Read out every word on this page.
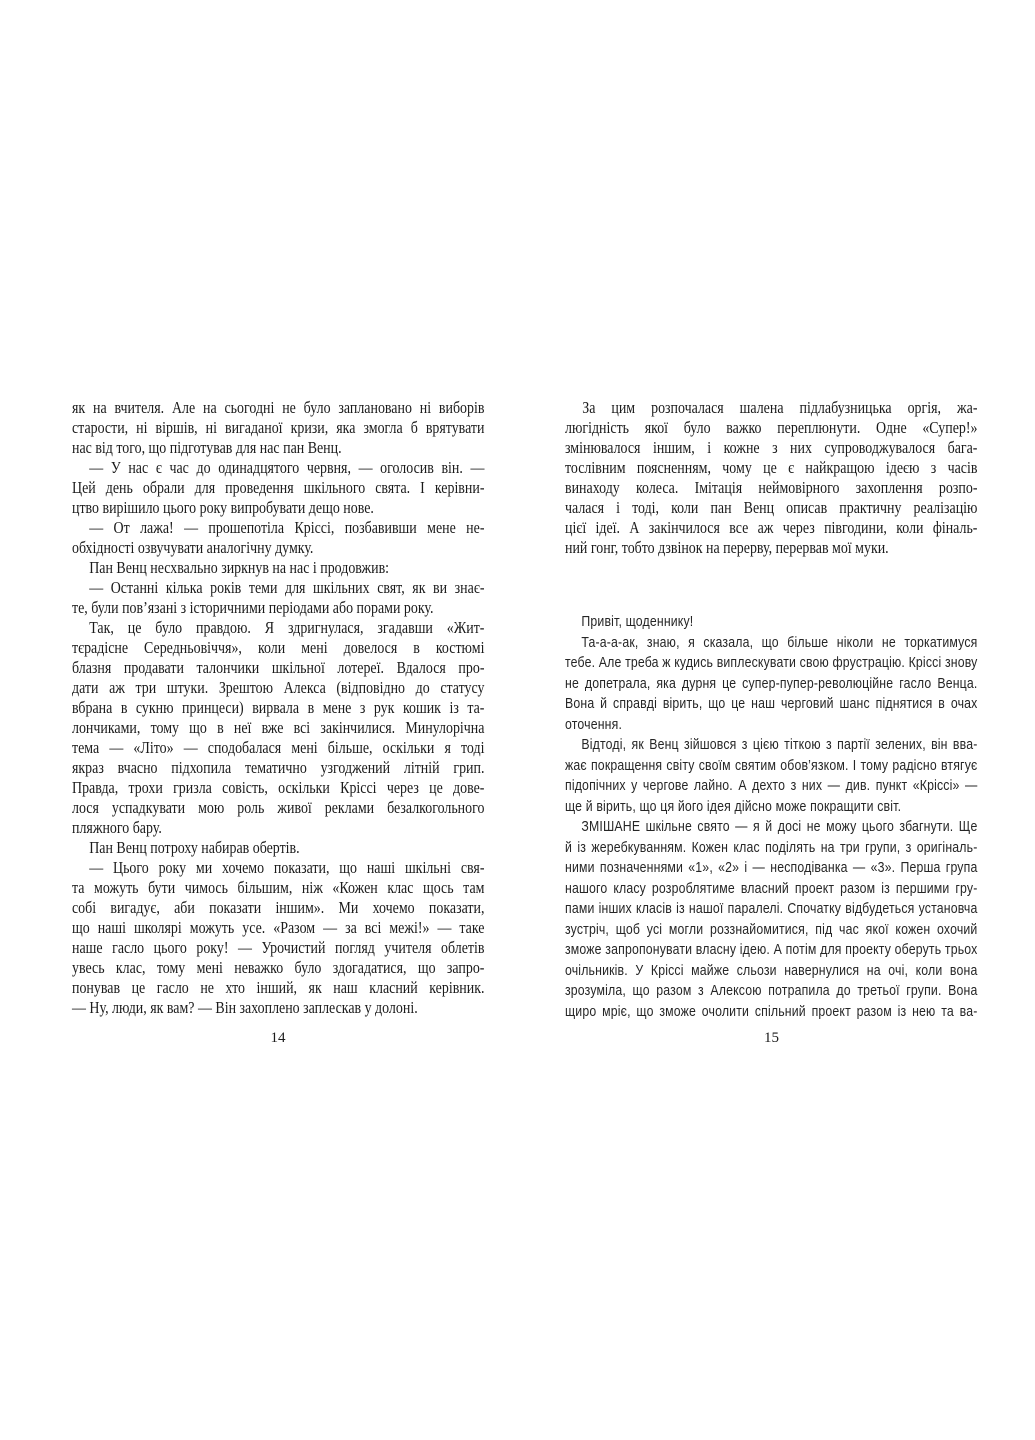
як на вчителя. Але на сьогодні не було заплановано ні виборів
старости, ні віршів, ні вигаданої кризи, яка змогла б врятувати
нас від того, що підготував для нас пан Венц.
— У нас є час до одинадцятого червня, — оголосив він. —
Цей день обрали для проведення шкільного свята. І керівни-
цтво вирішило цього року випробувати дещо нове.
— От лажа! — прошепотіла Кріссі, позбавивши мене не-
обхідності озвучувати аналогічну думку.
Пан Венц несхвально зиркнув на нас і продовжив:
— Останні кілька років теми для шкільних свят, як ви знає-
те, були пов’язані з історичними періодами або порами року.
Так, це було правдою. Я здригнулася, згадавши «Жит-
тєрадісне Середньовіччя», коли мені довелося в костюмі
блазня продавати талончики шкільної лотереї. Вдалося про-
дати аж три штуки. Зрештою Алекса (відповідно до статусу
вбрана в сукню принцеси) вирвала в мене з рук кошик із та-
лончиками, тому що в неї вже всі закінчилися. Минулорічна
тема — «Літо» — сподобалася мені більше, оскільки я тоді
якраз вчасно підхопила тематично узгоджений літній грип.
Правда, трохи гризла совість, оскільки Кріссі через це дове-
лося успадкувати мою роль живої реклами безалкогольного
пляжного бару.
Пан Венц потроху набирав обертів.
— Цього року ми хочемо показати, що наші шкільні свя-
та можуть бути чимось більшим, ніж «Кожен клас щось там
собі вигадує, аби показати іншим». Ми хочемо показати,
що наші школярі можуть усе. «Разом — за всі межі!» — таке
наше гасло цього року! — Урочистий погляд учителя облетів
увесь клас, тому мені неважко було здогадатися, що запро-
понував це гасло не хто інший, як наш класний керівник.
— Ну, люди, як вам? — Він захоплено заплескав у долоні.
За цим розпочалася шалена підлабузницька оргія, жа-
люгідність якої було важко переплюнути. Одне «Супер!»
змінювалося іншим, і кожне з них супроводжувалося бага-
тослівним поясненням, чому це є найкращою ідеєю з часів
винаходу колеса. Імітація неймовірного захоплення розпо-
чалася і тоді, коли пан Венц описав практичну реалізацію
цієї ідеї. А закінчилося все аж через півгодини, коли фіналь-
ний гонг, тобто дзвінок на перерву, перервав мої муки.
Привіт, щоденнику!
Та-а-а-ак, знаю, я сказала, що більше ніколи не торкатимуся
тебе. Але треба ж кудись виплескувати свою фрустрацію. Кріссі знову
не допетрала, яка дурня це супер-пупер-революційне гасло Венца.
Вона й справді вірить, що це наш черговий шанс піднятися в очах
оточення.
Відтоді, як Венц зійшовся з цією тіткою з партії зелених, він вва-
жає покращення світу своїм святим обов’язком. І тому радісно втягує
підопічних у чергове лайно. А дехто з них — див. пункт «Кріссі» —
ще й вірить, що ця його ідея дійсно може покращити світ.
ЗМІШАНЕ шкільне свято — я й досі не можу цього збагнути. Ще
й із жеребкуванням. Кожен клас поділять на три групи, з оригіналь-
ними позначеннями «1», «2» і — несподіванка — «3». Перша група
нашого класу розроблятиме власний проект разом із першими гру-
пами інших класів із нашої паралелі. Спочатку відбудеться установча
зустріч, щоб усі могли роззнайомитися, під час якої кожен охочий
зможе запропонувати власну ідею. А потім для проекту оберуть трьох
очільників. У Кріссі майже сльози навернулися на очі, коли вона
зрозуміла, що разом з Алексою потрапила до третьої групи. Вона
щиро мріє, що зможе очолити спільний проект разом із нею та ва-
14	15
